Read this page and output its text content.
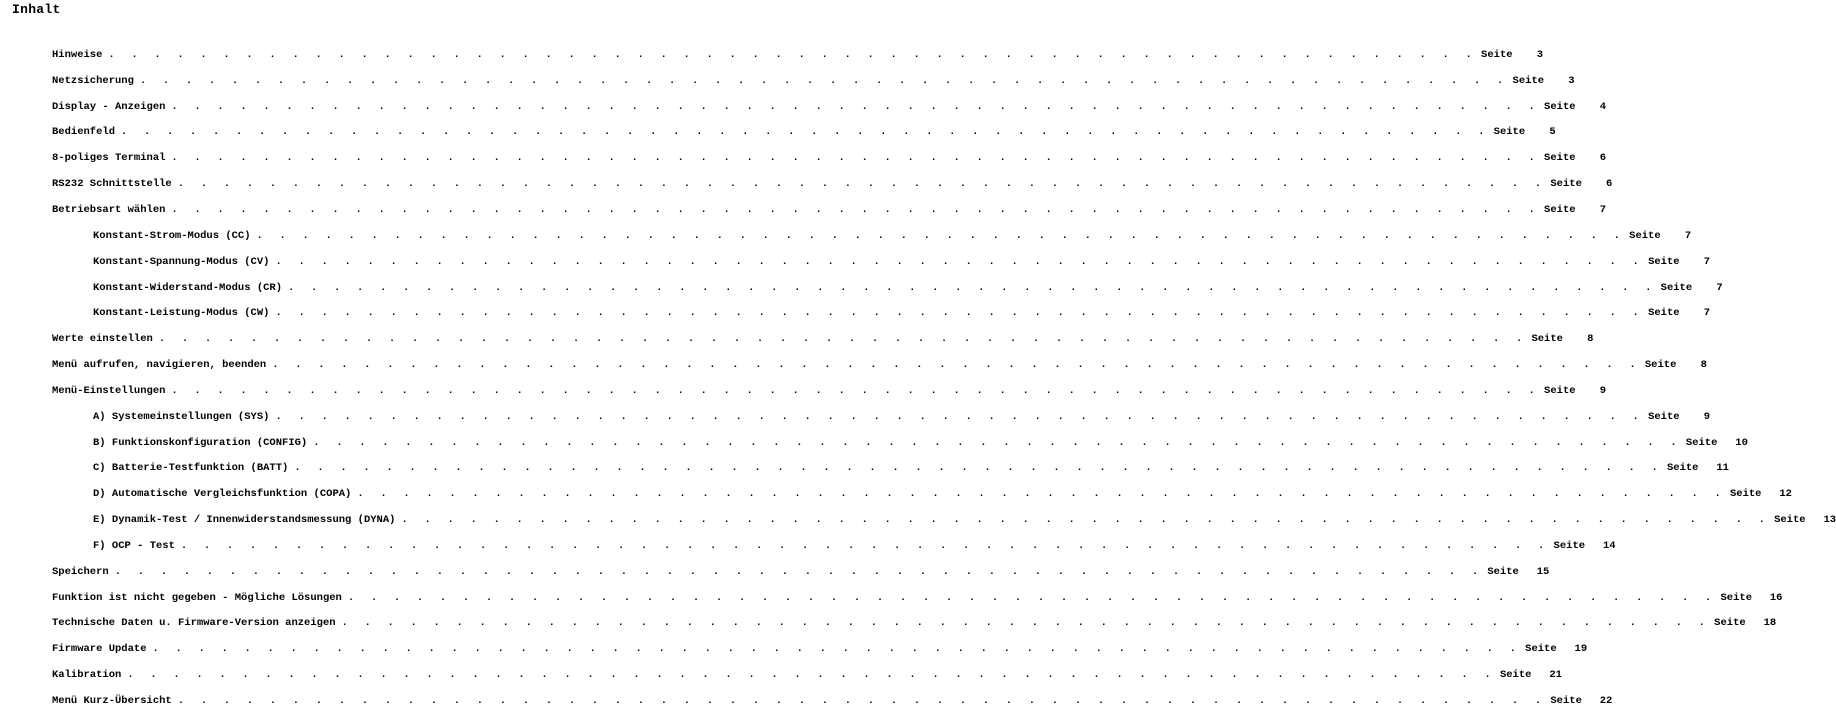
Inhalt
Hinweise . . . . . . . . . . . . . . . . . . . . . . . . . . . . . . . . . . . . . . . . . . . . . . . . . . . . . . . . . . . . Seite	3
Netzsicherung . . . . . . . . . . . . . . . . . . . . . . . . . . . . . . . . . . . . . . . . . . . . . . . . . . . . . . . . . . . . Seite	3
Display - Anzeigen . . . . . . . . . . . . . . . . . . . . . . . . . . . . . . . . . . . . . . . . . . . . . . . . . . . . . . . . . . . . Seite	4
Bedienfeld . . . . . . . . . . . . . . . . . . . . . . . . . . . . . . . . . . . . . . . . . . . . . . . . . . . . . . . . . . . . Seite	5
8-poliges Terminal . . . . . . . . . . . . . . . . . . . . . . . . . . . . . . . . . . . . . . . . . . . . . . . . . . . . . . . . . . . . Seite	6
RS232 Schnittstelle . . . . . . . . . . . . . . . . . . . . . . . . . . . . . . . . . . . . . . . . . . . . . . . . . . . . . . . . . . . . Seite	6
Betriebsart wählen . . . . . . . . . . . . . . . . . . . . . . . . . . . . . . . . . . . . . . . . . . . . . . . . . . . . . . . . . . . . Seite	7
Konstant-Strom-Modus (CC) . . . . . . . . . . . . . . . . . . . . . . . . . . . . . . . . . . . . . . . . . . . . . . . . . . . . . . . . . . . . Seite	7
Konstant-Spannung-Modus (CV) . . . . . . . . . . . . . . . . . . . . . . . . . . . . . . . . . . . . . . . . . . . . . . . . . . . . . . . . . . . . Seite	7
Konstant-Widerstand-Modus (CR) . . . . . . . . . . . . . . . . . . . . . . . . . . . . . . . . . . . . . . . . . . . . . . . . . . . . . . . . . . . . Seite	7
Konstant-Leistung-Modus (CW) . . . . . . . . . . . . . . . . . . . . . . . . . . . . . . . . . . . . . . . . . . . . . . . . . . . . . . . . . . . . Seite	7
Werte einstellen . . . . . . . . . . . . . . . . . . . . . . . . . . . . . . . . . . . . . . . . . . . . . . . . . . . . . . . . . . . . Seite	8
Menü aufrufen, navigieren, beenden . . . . . . . . . . . . . . . . . . . . . . . . . . . . . . . . . . . . . . . . . . . . . . . . . . . . . . . . . . . . Seite	8
Menü-Einstellungen . . . . . . . . . . . . . . . . . . . . . . . . . . . . . . . . . . . . . . . . . . . . . . . . . . . . . . . . . . . . Seite	9
A) Systemeinstellungen (SYS) . . . . . . . . . . . . . . . . . . . . . . . . . . . . . . . . . . . . . . . . . . . . . . . . . . . . . . . . . . . . Seite	9
B) Funktionskonfiguration (CONFIG) . . . . . . . . . . . . . . . . . . . . . . . . . . . . . . . . . . . . . . . . . . . . . . . . . . . . . . . . . . . . Seite	10
C) Batterie-Testfunktion (BATT) . . . . . . . . . . . . . . . . . . . . . . . . . . . . . . . . . . . . . . . . . . . . . . . . . . . . . . . . . . . . Seite	11
D) Automatische Vergleichsfunktion (COPA) . . . . . . . . . . . . . . . . . . . . . . . . . . . . . . . . . . . . . . . . . . . . . . . . . . . . . . . . . . . . Seite	12
E) Dynamik-Test / Innenwiderstandsmessung (DYNA) . . . . . . . . . . . . . . . . . . . . . . . . . . . . . . . . . . . . . . . . . . . . . . . . . . . . . . . . . . . . Seite	13
F) OCP - Test . . . . . . . . . . . . . . . . . . . . . . . . . . . . . . . . . . . . . . . . . . . . . . . . . . . . . . . . . . . . Seite	14
Speichern . . . . . . . . . . . . . . . . . . . . . . . . . . . . . . . . . . . . . . . . . . . . . . . . . . . . . . . . . . . . Seite	15
Funktion ist nicht gegeben - Mögliche Lösungen . . . . . . . . . . . . . . . . . . . . . . . . . . . . . . . . . . . . . . . . . . . . . . . . . . . . . . . . . . . . Seite	16
Technische Daten u. Firmware-Version anzeigen . . . . . . . . . . . . . . . . . . . . . . . . . . . . . . . . . . . . . . . . . . . . . . . . . . . . . . . . . . . . Seite	18
Firmware Update . . . . . . . . . . . . . . . . . . . . . . . . . . . . . . . . . . . . . . . . . . . . . . . . . . . . . . . . . . . . Seite	19
Kalibration . . . . . . . . . . . . . . . . . . . . . . . . . . . . . . . . . . . . . . . . . . . . . . . . . . . . . . . . . . . . Seite	21
Menü Kurz-Übersicht . . . . . . . . . . . . . . . . . . . . . . . . . . . . . . . . . . . . . . . . . . . . . . . . . . . . . . . . . . . . Seite	22
